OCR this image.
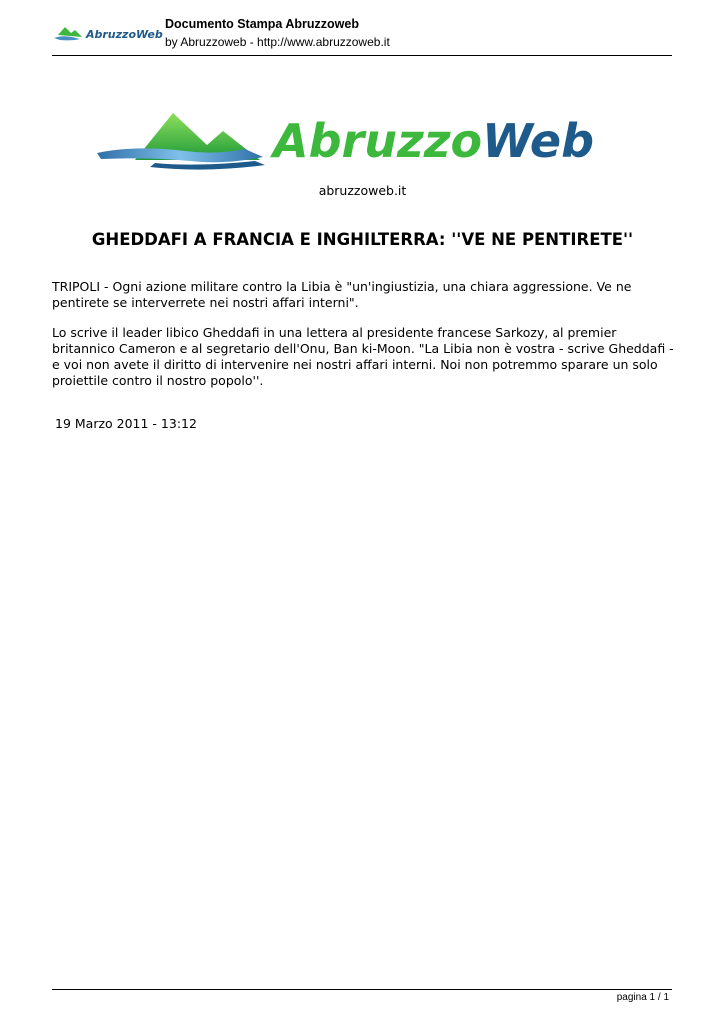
AbruzzoWeb
Documento Stampa Abruzzoweb
by Abruzzoweb - http://www.abruzzoweb.it
AbruzzoWeb
abruzzoweb.it
GHEDDAFI A FRANCIA E INGHILTERRA: ''VE NE PENTIRETE''

TRIPOLI - Ogni azione militare contro la Libia è "un'ingiustizia, una chiara aggressione. Ve ne pentirete se interverrete nei nostri affari interni".

Lo scrive il leader libico Gheddafi in una lettera al presidente francese Sarkozy, al premier britannico Cameron e al segretario dell'Onu, Ban ki-Moon. "La Libia non è vostra - scrive Gheddafi - e voi non avete il diritto di intervenire nei nostri affari interni. Noi non potremmo sparare un solo proiettile contro il nostro popolo''.

19 Marzo 2011 - 13:12
pagina 1 / 1
